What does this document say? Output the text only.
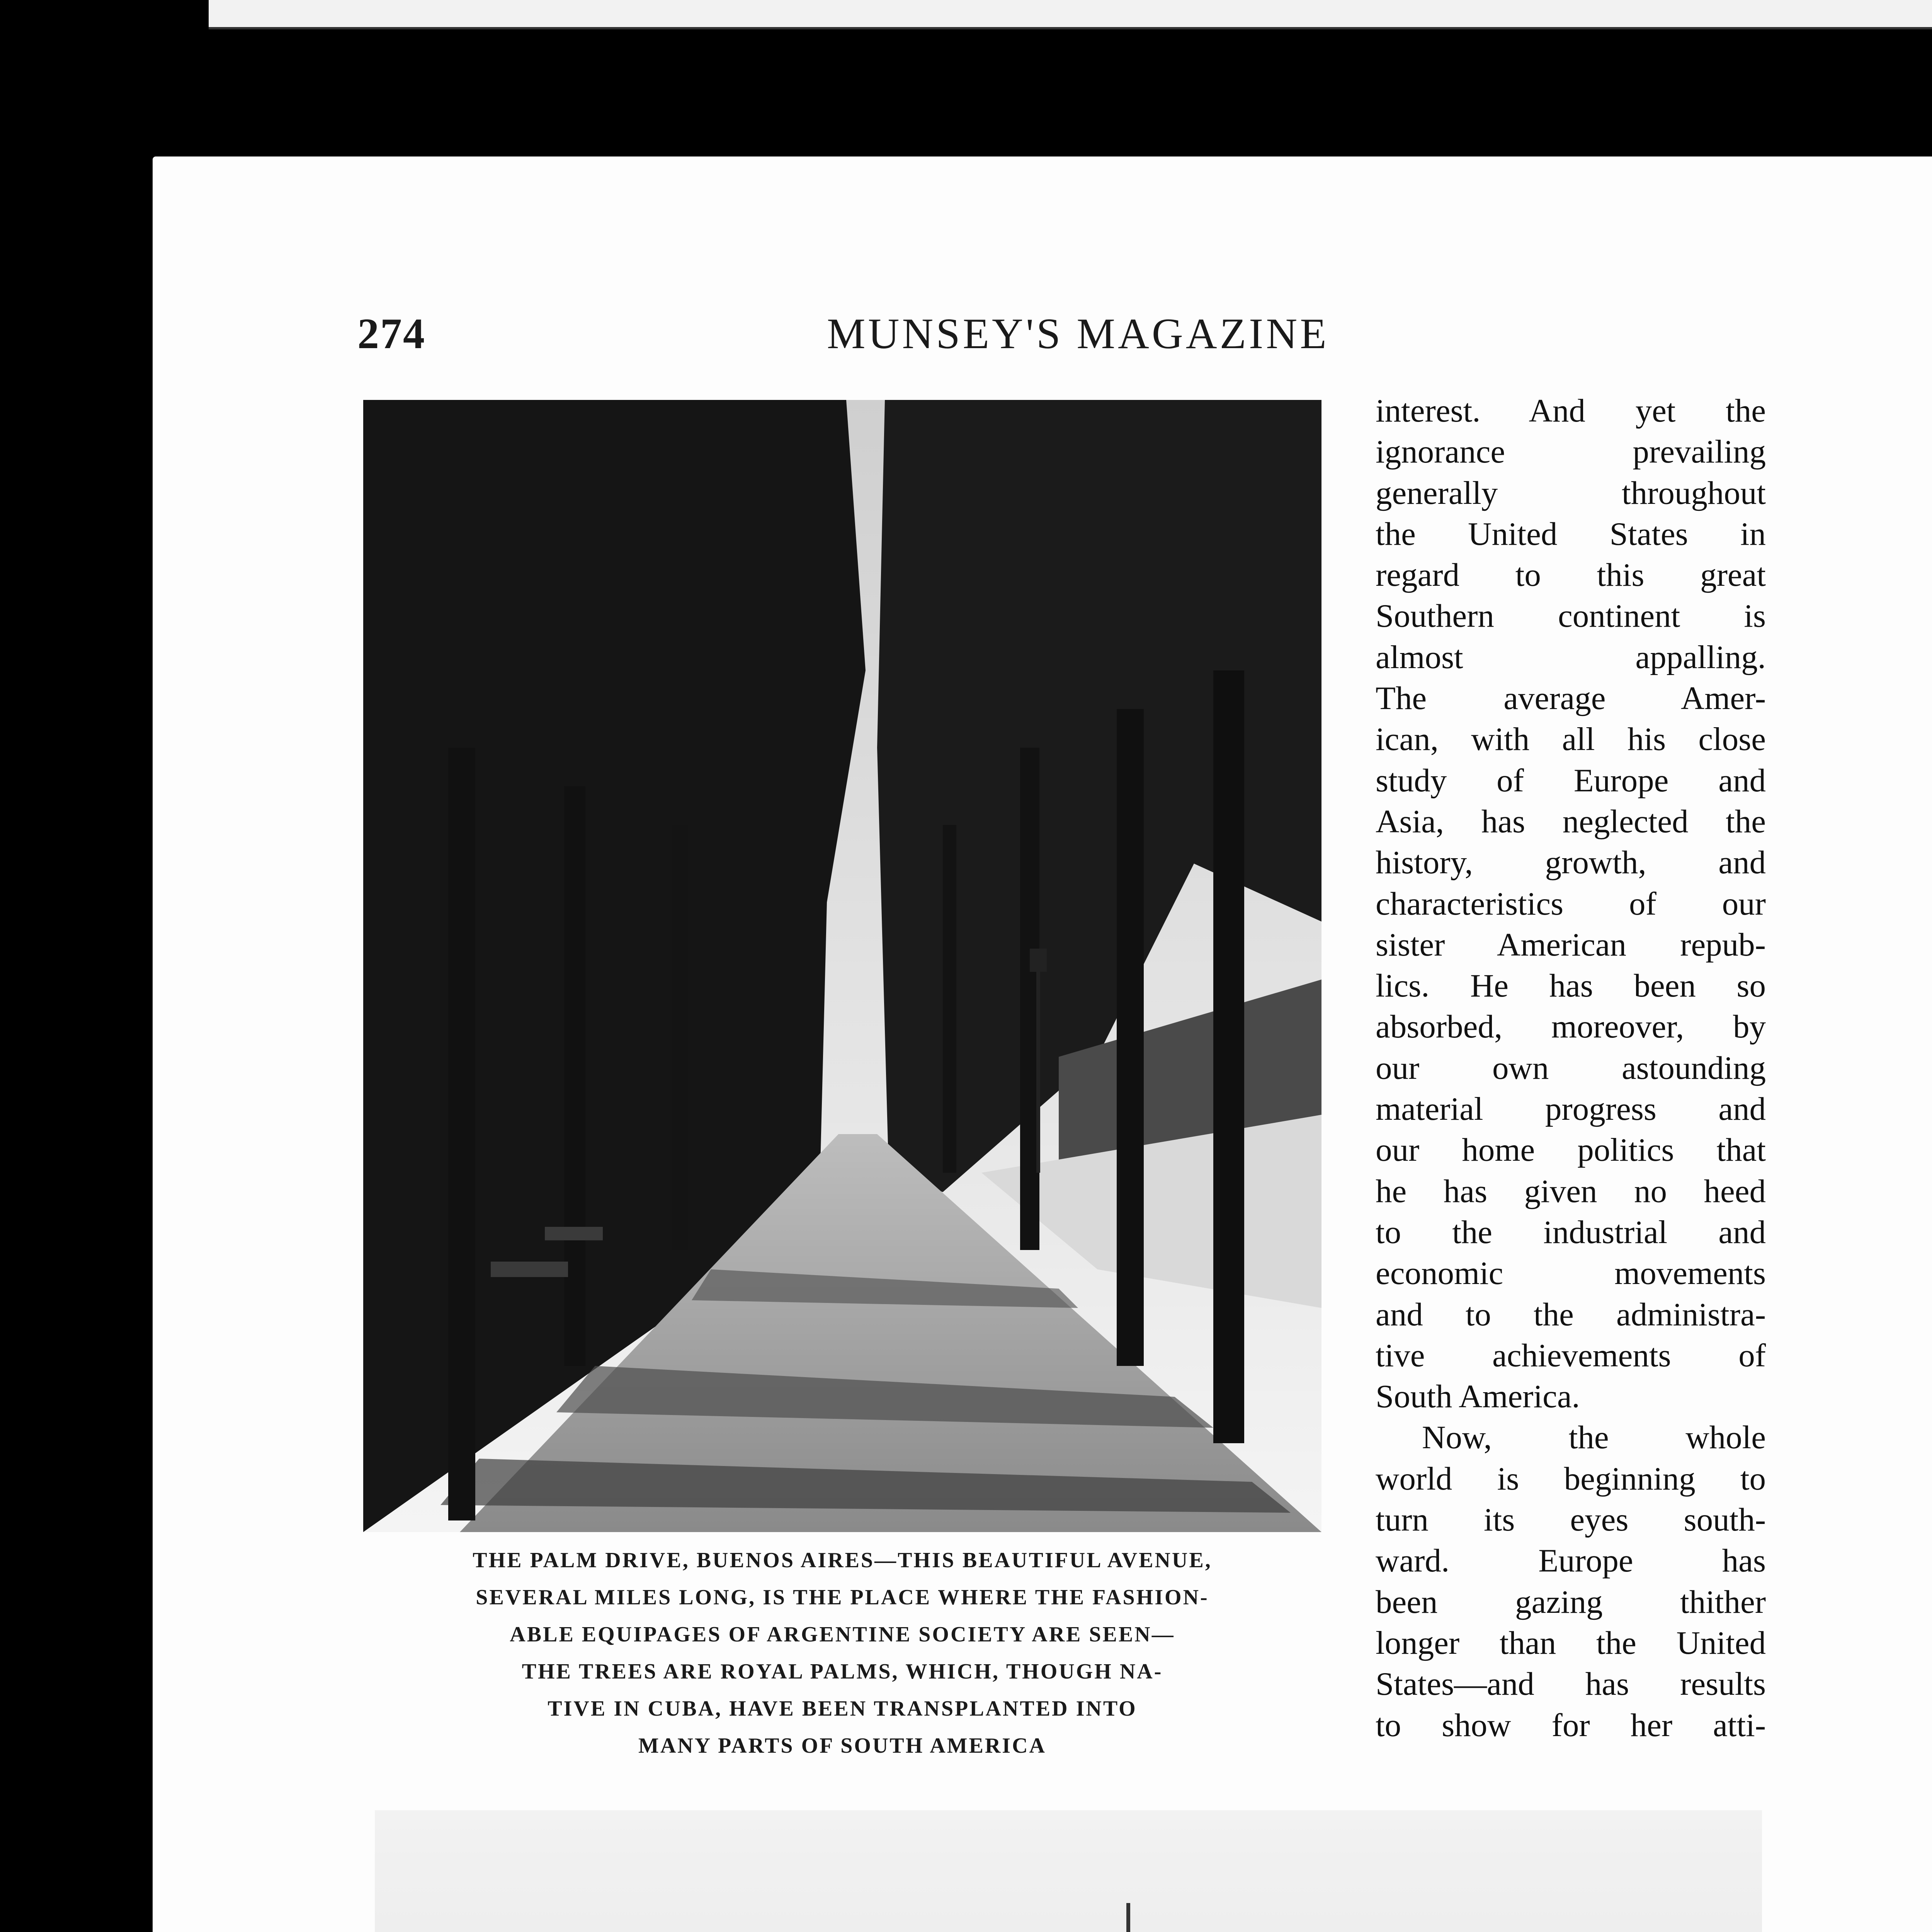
274	MUNSEY'S MAGAZINE

THE PALM DRIVE, BUENOS AIRES—THIS BEAUTIFUL AVENUE,
SEVERAL MILES LONG, IS THE PLACE WHERE THE FASHION-
ABLE EQUIPAGES OF ARGENTINE SOCIETY ARE SEEN—
THE TREES ARE ROYAL PALMS, WHICH, THOUGH NA-
TIVE IN CUBA, HAVE BEEN TRANSPLANTED INTO
MANY PARTS OF SOUTH AMERICA

interest. And yet the
ignorance prevailing
generally throughout
the United States in
regard to this great
Southern continent is
almost appalling.
The average Amer-
ican, with all his close
study of Europe and
Asia, has neglected the
history, growth, and
characteristics of our
sister American repub-
lics. He has been so
absorbed, moreover, by
our own astounding
material progress and
our home politics that
he has given no heed
to the industrial and
economic movements
and to the administra-
tive achievements of
South America.
Now, the whole
world is beginning to
turn its eyes south-
ward. Europe has
been gazing thither
longer than the United
States—and has results
to show for her atti-
